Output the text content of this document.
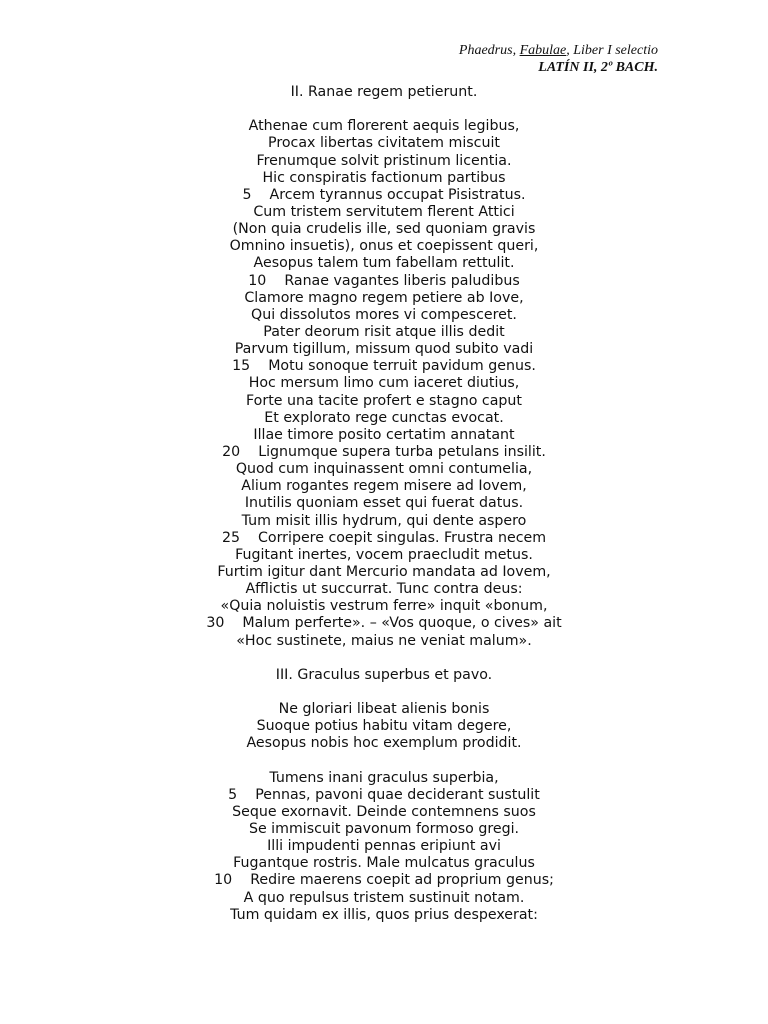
Phaedrus, Fabulae, Liber I selectio
LATÍN II, 2º BACH.
II. Ranae regem petierunt.
Athenae cum florerent aequis legibus,
Procax libertas civitatem miscuit
Frenumque solvit pristinum licentia.
Hic conspiratis factionum partibus
5 Arcem tyrannus occupat Pisistratus.
Cum tristem servitutem flerent Attici
(Non quia crudelis ille, sed quoniam gravis
Omnino insuetis), onus et coepissent queri,
Aesopus talem tum fabellam rettulit.
10 Ranae vagantes liberis paludibus
Clamore magno regem petiere ab Iove,
Qui dissolutos mores vi compesceret.
Pater deorum risit atque illis dedit
Parvum tigillum, missum quod subito vadi
15 Motu sonoque terruit pavidum genus.
Hoc mersum limo cum iaceret diutius,
Forte una tacite profert e stagno caput
Et explorato rege cunctas evocat.
Illae timore posito certatim annatant
20 Lignumque supera turba petulans insilit.
Quod cum inquinassent omni contumelia,
Alium rogantes regem misere ad Iovem,
Inutilis quoniam esset qui fuerat datus.
Tum misit illis hydrum, qui dente aspero
25 Corripere coepit singulas. Frustra necem
Fugitant inertes, vocem praecludit metus.
Furtim igitur dant Mercurio mandata ad Iovem,
Afflictis ut succurrat. Tunc contra deus:
«Quia noluistis vestrum ferre» inquit «bonum,
30 Malum perferte». – «Vos quoque, o cives» ait
«Hoc sustinete, maius ne veniat malum».
III. Graculus superbus et pavo.
Ne gloriari libeat alienis bonis
Suoque potius habitu vitam degere,
Aesopus nobis hoc exemplum prodidit.
Tumens inani graculus superbia,
5 Pennas, pavoni quae deciderant sustulit
Seque exornavit. Deinde contemnens suos
Se immiscuit pavonum formoso gregi.
Illi impudenti pennas eripiunt avi
Fugantque rostris. Male mulcatus graculus
10 Redire maerens coepit ad proprium genus;
A quo repulsus tristem sustinuit notam.
Tum quidam ex illis, quos prius despexerat:
